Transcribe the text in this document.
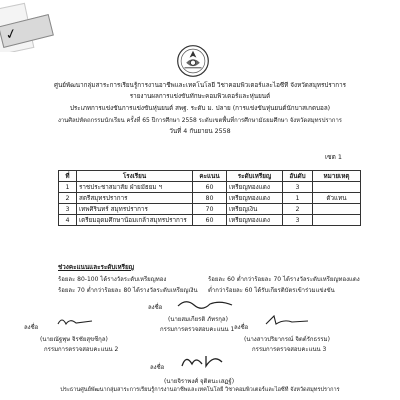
✓
ศูนย์พัฒนากลุ่มสาระการเรียนรู้การงานอาชีพและเทคโนโลยี วิชาคอมพิวเตอร์และไอซีที จังหวัดสมุทรปราการ
รายงานผลการแข่งขันทักษะคอมพิวเตอร์และหุ่นยนต์
ประเภทการแข่งขันการแข่งขันหุ่นยนต์ สพฐ. ระดับ ม. ปลาย (การแข่งขันหุ่นยนต์นักบาสเกตบอล)
งานศิลปหัตถกรรมนักเรียน ครั้งที่ 65 ปีการศึกษา 2558 ระดับเขตพื้นที่การศึกษามัธยมศึกษา จังหวัดสมุทรปราการ
วันที่ 4 กันยายน 2558
เซต 1
ที่	โรงเรียน	คะแนน	ระดับเหรียญ	อันดับ	หมายเหตุ
1	ราชประชาสมาสัย ฝ่ายมัธยม ฯ	60	เหรียญทองแดง	3	
2	สตรีสมุทรปราการ	80	เหรียญทองแดง	1	ตัวแทน
3	เทพศิรินทร์ สมุทรปราการ	70	เหรียญเงิน	2	
4	เตรียมอุดมศึกษาน้อมเกล้าสมุทรปราการ	60	เหรียญทองแดง	3	
ช่วงคะแนนและระดับเหรียญ
ร้อยละ 80-100 ได้รางวัลระดับเหรียญทอง	ร้อยละ 60 ต่ำกว่าร้อยละ 70 ได้รางวัลระดับเหรียญทองแดง
ร้อยละ 70 ต่ำกว่าร้อยละ 80 ได้รางวัลระดับเหรียญเงิน ต่ำกว่าร้อยละ 60 ได้รับเกียรติบัตรเข้าร่วมแข่งขัน
ลงชื่อ
(นายสมเกียรติ ภัทรกุล)
กรรมการตรวจสอบคะแนน 1
ลงชื่อ
(นายณัฐพุษ จิรชัยสุขชีกุล)
กรรมการตรวจสอบคะแนน 2
ลงชื่อ
(นางสาวปริยากรณ์ จิตต์รักธรรม)
กรรมการตรวจสอบคะแนน 3
ลงชื่อ
(นายจิราพงศ์ จุติตนะเสฏฐ์)
ประธานศูนย์พัฒนากลุ่มสาระการเรียนรู้การงานอาชีพและเทคโนโลยี วิชาคอมพิวเตอร์และไอซีที จังหวัดสมุทรปราการ
